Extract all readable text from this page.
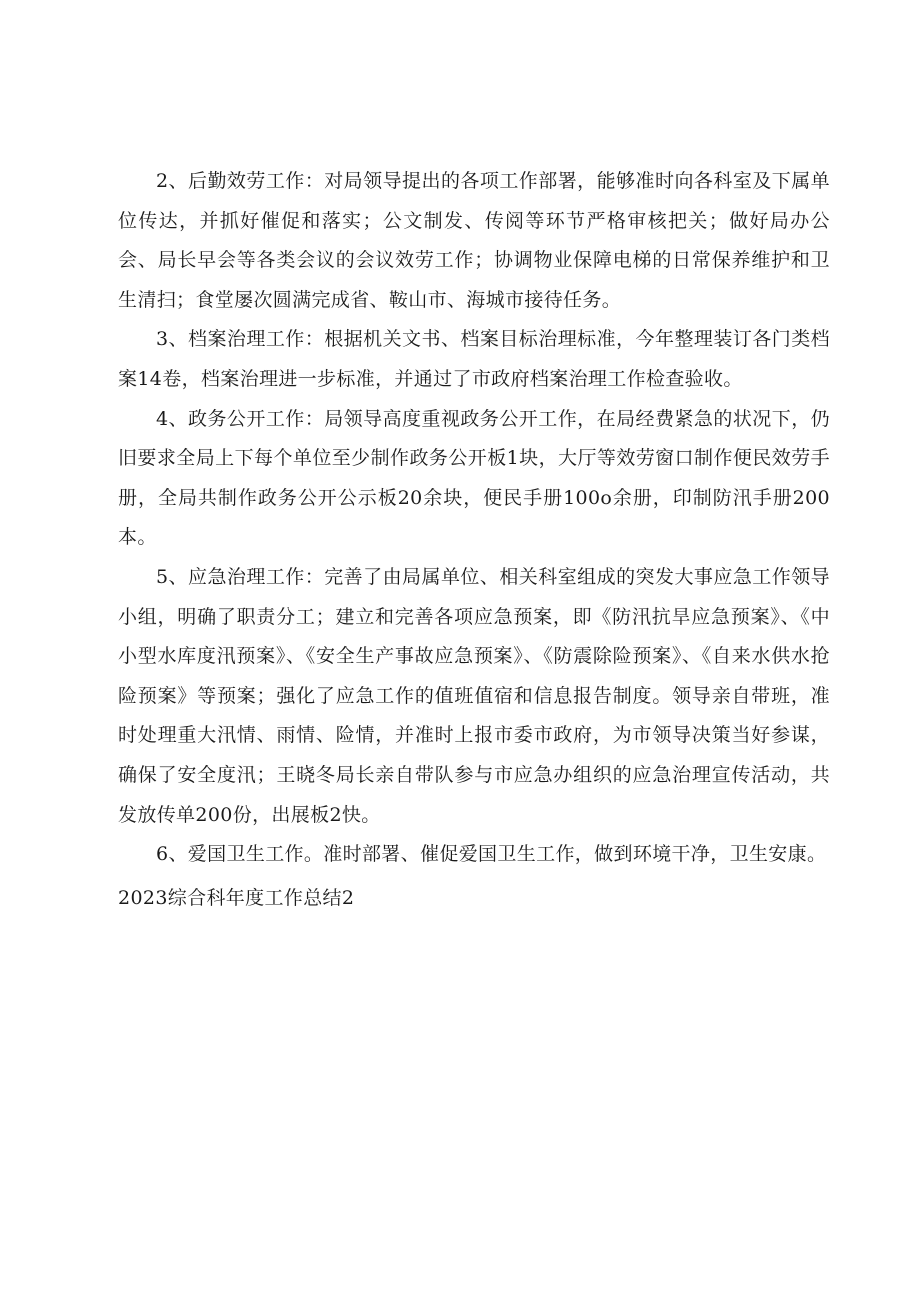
2、后勤效劳工作：对局领导提出的各项工作部署，能够准时向各科室及下属单位传达，并抓好催促和落实；公文制发、传阅等环节严格审核把关；做好局办公会、局长早会等各类会议的会议效劳工作；协调物业保障电梯的日常保养维护和卫生清扫；食堂屡次圆满完成省、鞍山市、海城市接待任务。

3、档案治理工作：根据机关文书、档案目标治理标准，今年整理装订各门类档案14卷，档案治理进一步标准，并通过了市政府档案治理工作检查验收。

4、政务公开工作：局领导高度重视政务公开工作，在局经费紧急的状况下，仍旧要求全局上下每个单位至少制作政务公开板1块，大厅等效劳窗口制作便民效劳手册，全局共制作政务公开公示板20余块，便民手册100o余册，印制防汛手册200本。

5、应急治理工作：完善了由局属单位、相关科室组成的突发大事应急工作领导小组，明确了职责分工；建立和完善各项应急预案，即《防汛抗旱应急预案》、《中小型水库度汛预案》、《安全生产事故应急预案》、《防震除险预案》、《自来水供水抢险预案》等预案；强化了应急工作的值班值宿和信息报告制度。领导亲自带班，准时处理重大汛情、雨情、险情，并准时上报市委市政府，为市领导决策当好参谋，确保了安全度汛；王晓冬局长亲自带队参与市应急办组织的应急治理宣传活动，共发放传单200份，出展板2快。

6、爱国卫生工作。准时部署、催促爱国卫生工作，做到环境干净，卫生安康。

2023综合科年度工作总结2
